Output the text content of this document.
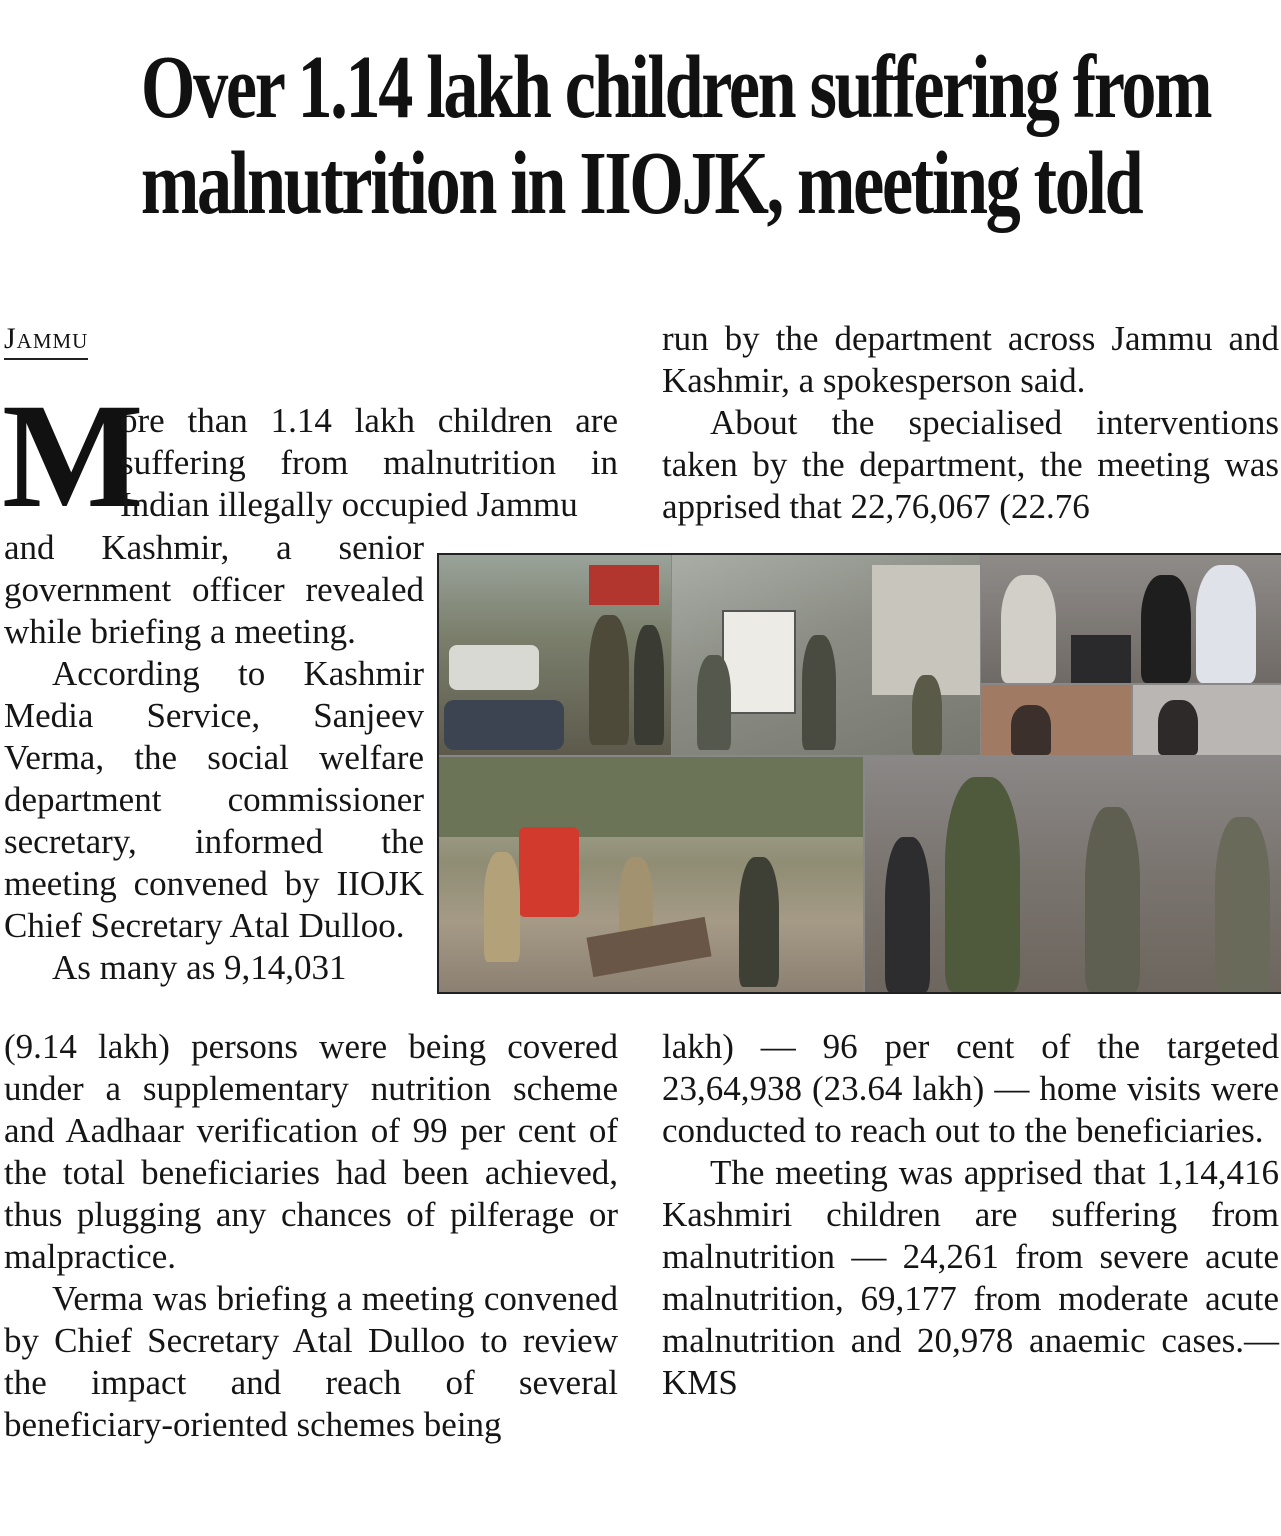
Over 1.14 lakh children suffering from
malnutrition in IIOJK, meeting told
Jammu
M

ore than 1.14 lakh children are suffering from malnutrition in Indian illegally occupied Jammu

and Kashmir, a senior government officer revealed while briefing a meeting.

According to Kashmir Media Service, Sanjeev Verma, the social welfare department commissioner secretary, informed the meeting convened by IIOJK Chief Secretary Atal Dulloo.

As many as 9,14,031

(9.14 lakh) persons were being covered under a supplementary nutrition scheme and Aadhaar verification of 99 per cent of the total beneficiaries had been achieved, thus plugging any chances of pilferage or malpractice.

Verma was briefing a meeting convened by Chief Secretary Atal Dulloo to review the impact and reach of several beneficiary-oriented schemes being

run by the department across Jammu and Kashmir, a spokesperson said.

About the specialised interventions taken by the department, the meeting was apprised that 22,76,067 (22.76

lakh) — 96 per cent of the targeted 23,64,938 (23.64 lakh) — home visits were conducted to reach out to the beneficiaries.

The meeting was apprised that 1,14,416 Kashmiri children are suffering from malnutrition — 24,261 from severe acute malnutrition, 69,177 from moderate acute malnutrition and 20,978 anaemic cases.—KMS
